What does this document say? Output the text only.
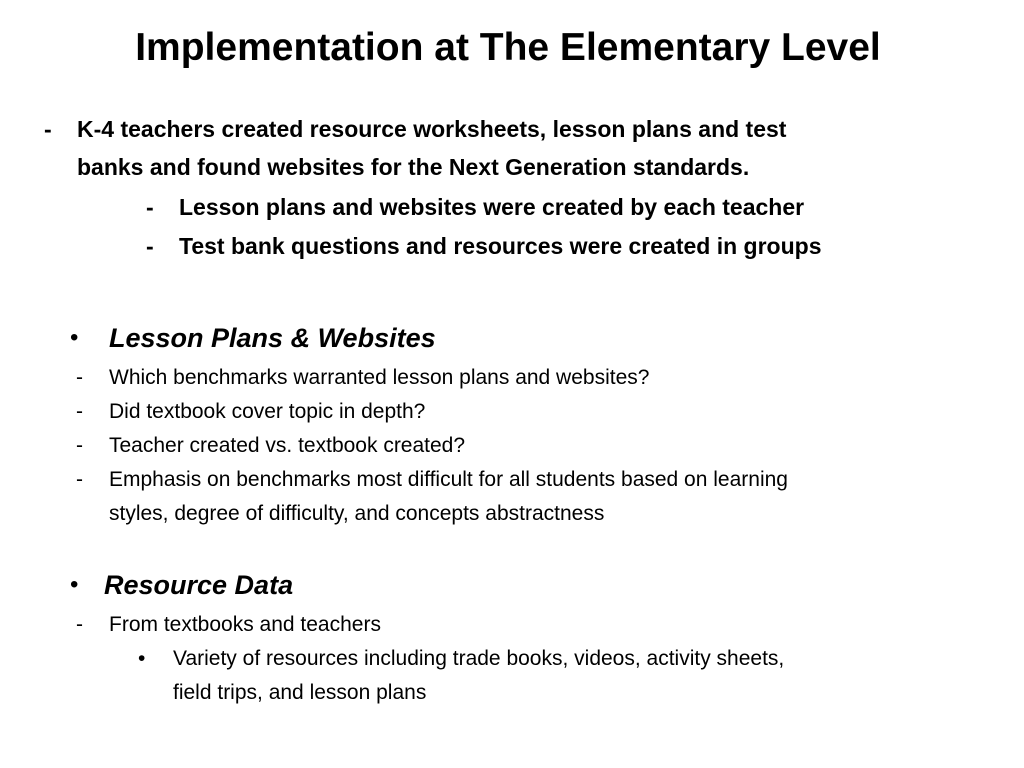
Implementation at The Elementary Level
- K-4 teachers created resource worksheets, lesson plans and test
banks and found websites for the Next Generation standards.
- Lesson plans and websites were created by each teacher
- Test bank questions and resources were created in groups
• Lesson Plans & Websites
- Which benchmarks warranted lesson plans and websites?
- Did textbook cover topic in depth?
- Teacher created vs. textbook created?
- Emphasis on benchmarks most difficult for all students based on learning
styles, degree of difficulty, and concepts abstractness
• Resource Data
- From textbooks and teachers
• Variety of resources including trade books, videos, activity sheets,
field trips, and lesson plans
